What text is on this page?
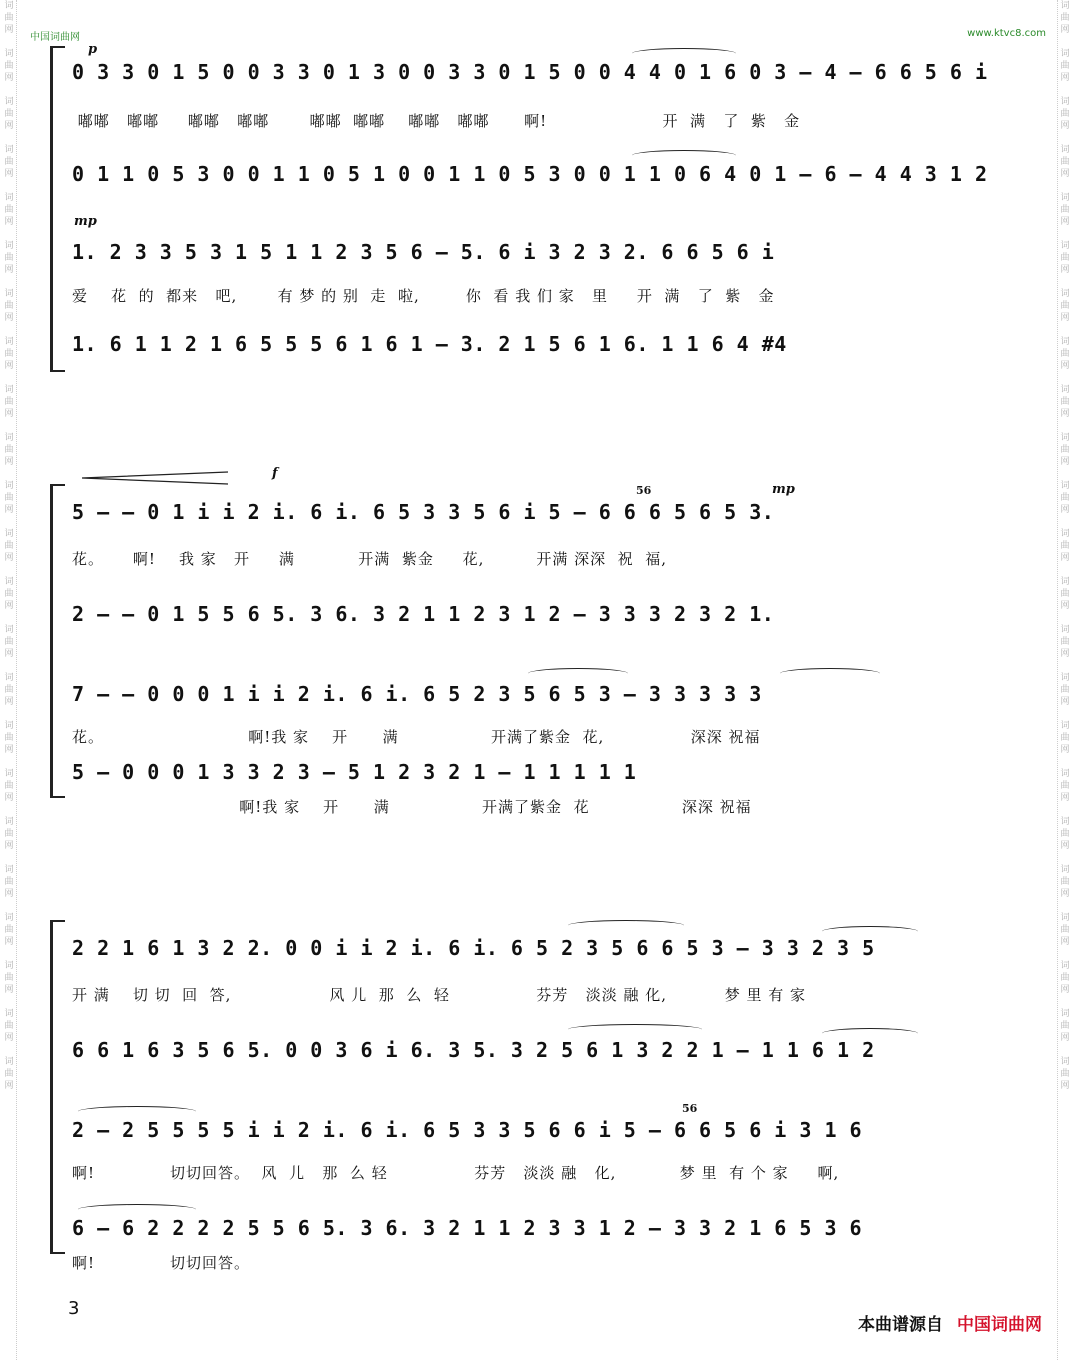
词
曲
网

词
曲
网

词
曲
网

词
曲
网

词
曲
网

词
曲
网

词
曲
网

词
曲
网

词
曲
网

词
曲
网

词
曲
网

词
曲
网

词
曲
网

词
曲
网

词
曲
网

词
曲
网

词
曲
网

词
曲
网

词
曲
网

词
曲
网

词
曲
网

词
曲
网

词
曲
网
词
曲
网

词
曲
网

词
曲
网

词
曲
网

词
曲
网

词
曲
网

词
曲
网

词
曲
网

词
曲
网

词
曲
网

词
曲
网

词
曲
网

词
曲
网

词
曲
网

词
曲
网

词
曲
网

词
曲
网

词
曲
网

词
曲
网

词
曲
网

词
曲
网

词
曲
网

词
曲
网
中国词曲网	www.ktvc8.com
p
0 3 3 0 1 5 0 0 3 3 0 1 3 0 0 3 3 0 1 5 0 0 4 4 0 1 6 0 3 – 4 – 6 6 5 6 i
嘟嘟   嘟嘟     嘟嘟   嘟嘟       嘟嘟  嘟嘟    嘟嘟   嘟嘟      啊!                    开  满   了  紫   金
0 1 1 0 5 3 0 0 1 1 0 5 1 0 0 1 1 0 5 3 0 0 1 1 0 6 4 0 1 – 6 – 4 4 3 1 2
mp
1. 2 3 3 5 3 1 5 1 1 2 3 5 6 – 5. 6 i 3 2 3 2. 6 6 5 6 i
爱    花  的  都来   吧,       有 梦 的 别  走  啦,        你  看 我 们 家   里     开  满   了  紫   金
1. 6 1 1 2 1 6 5 5 5 6 1 6 1 – 3. 2 1 5 6 1 6. 1 1 6 4 #4
f
mp
56
5 – – 0 1 i i 2 i. 6 i. 6 5 3 3 5 6 i 5 – 6 6 6 5 6 5 3.
花。     啊!    我 家   开     满           开满  紫金     花,         开满 深深  祝  福,
2 – – 0 1 5 5 6 5. 3 6. 3 2 1 1 2 3 1 2 – 3 3 3 2 3 2 1.
7 – – 0 0 0 1 i i 2 i. 6 i. 6 5 2 3 5 6 5 3 – 3 3 3 3 3
花。                         啊!我 家    开      满                开满了紫金  花,               深深 祝福
5 — 0 0 0 1 3 3 2 3 – 5 1 2 3 2 1 – 1 1 1 1 1
啊!我 家    开      满                开满了紫金  花                深深 祝福
2 2 1 6 1 3 2 2. 0 0 i i 2 i. 6 i. 6 5 2 3 5 6 6 5 3 – 3 3 2 3 5
开 满    切 切  回  答,                 风 儿  那  么  轻               芬芳   淡淡 融 化,          梦 里 有 家
6 6 1 6 3 5 6 5. 0 0 3 6 i 6. 3 5. 3 2 5 6 1 3 2 2 1 – 1 1 6 1 2
56
2 – 2 5 5 5 5 i i 2 i. 6 i. 6 5 3 3 5 6 6 i 5 – 6 6 5 6 i 3 1 6
啊!             切切回答。  风  儿   那  么 轻               芬芳   淡淡 融   化,           梦 里  有 个 家     啊,
6 – 6 2 2 2 2 5 5 6 5. 3 6. 3 2 1 1 2 3 3 1 2 – 3 3 2 1 6 5 3 6
啊!             切切回答。
3
本曲谱源自 中国词曲网
